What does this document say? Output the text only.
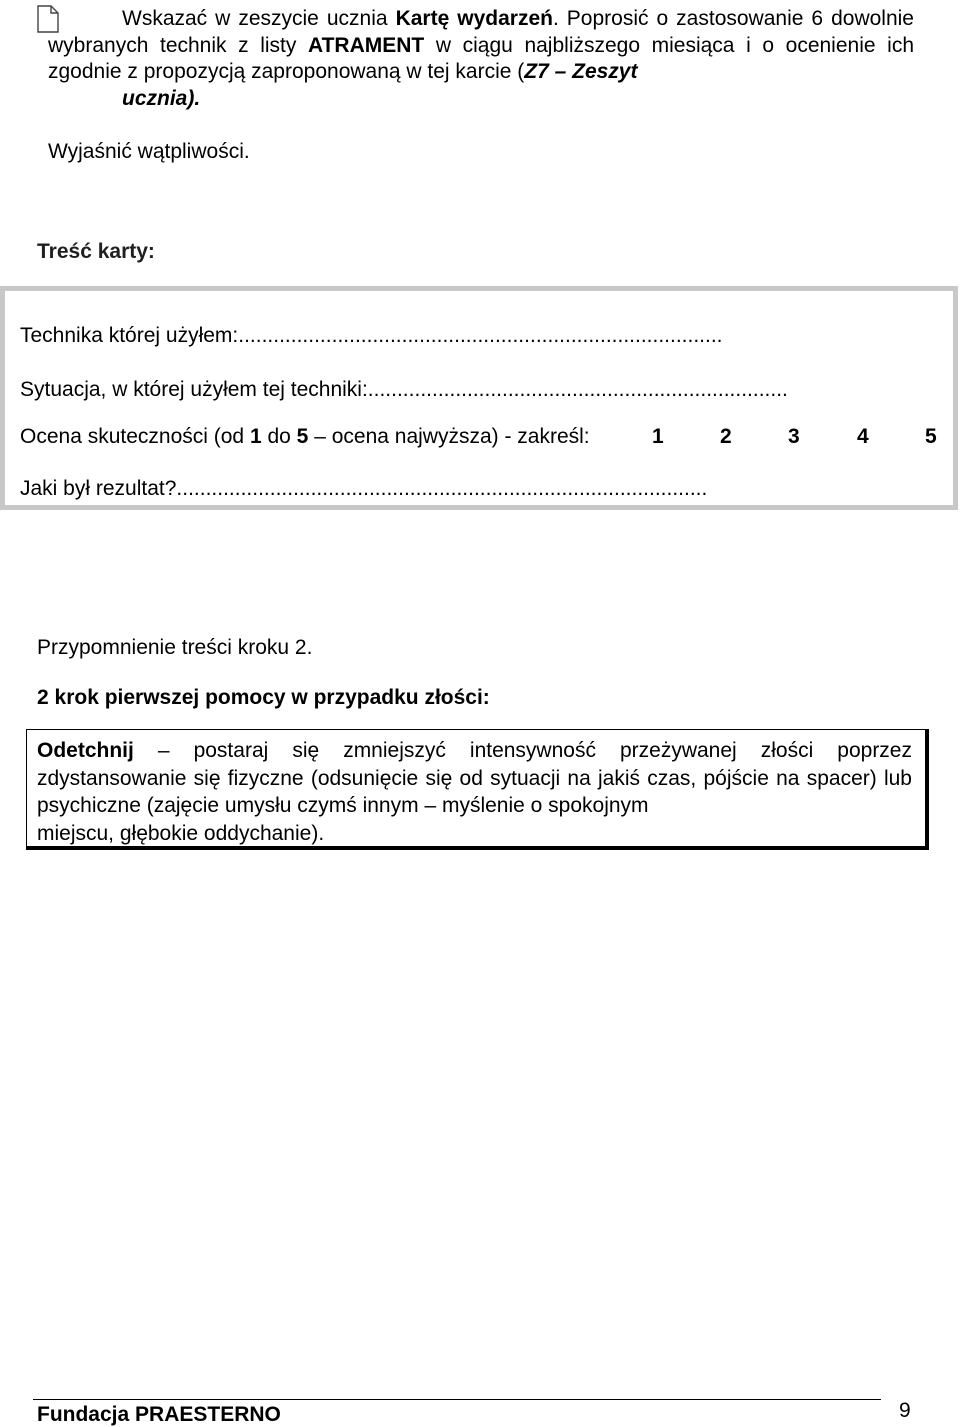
Wskazać w zeszycie ucznia Kartę wydarzeń. Poprosić o zastosowanie 6 dowolnie wybranych technik z listy ATRAMENT w ciągu najbliższego miesiąca i o ocenienie ich zgodnie z propozycją zaproponowaną w tej karcie (Z7 – Zeszyt
ucznia).

Wyjaśnić wątpliwości.

Treść karty:

Technika której użyłem:...................................................................................
Sytuacja, w której użyłem tej techniki:........................................................................
Ocena skuteczności (od 1 do 5 – ocena najwyższa) - zakreśl:	1	2	3	4	5
Jaki był rezultat?...........................................................................................

Przypomnienie treści kroku 2.

2 krok pierwszej pomocy w przypadku złości:

Odetchnij – postaraj się zmniejszyć intensywność przeżywanej złości poprzez zdystansowanie się fizyczne (odsunięcie się od sytuacji na jakiś czas, pójście na spacer) lub psychiczne (zajęcie umysłu czymś innym – myślenie o spokojnym
miejscu, głębokie oddychanie).

Fundacja PRAESTERNO	9
